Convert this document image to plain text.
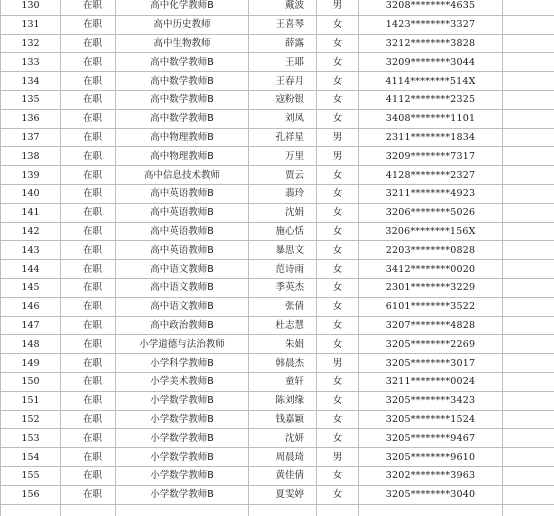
130	在职	高中化学教师B	戴波	男	3208********4635	
131	在职	高中历史教师	王喜琴	女	1423********3327	
132	在职	高中生物教师	薛露	女	3212********3828	
133	在职	高中数学教师B	王耶	女	3209********3044	
134	在职	高中数学教师B	王春月	女	4114********514X	
135	在职	高中数学教师B	寇粉银	女	4112********2325	
136	在职	高中数学教师B	刘凤	女	3408********1101	
137	在职	高中物理教师B	孔祥星	男	2311********1834	
138	在职	高中物理教师B	万里	男	3209********7317	
139	在职	高中信息技术教师	贾云	女	4128********2327	
140	在职	高中英语教师B	翡玲	女	3211********4923	
141	在职	高中英语教师B	沈娟	女	3206********5026	
142	在职	高中英语教师B	施心恬	女	3206********156X	
143	在职	高中英语教师B	暴思文	女	2203********0828	
144	在职	高中语文教师B	范诗雨	女	3412********0020	
145	在职	高中语文教师B	季英杰	女	2301********3229	
146	在职	高中语文教师B	张倩	女	6101********3522	
147	在职	高中政治教师B	杜志慧	女	3207********4828	
148	在职	小学道德与法治教师	朱娟	女	3205********2269	
149	在职	小学科学教师B	韩晨杰	男	3205********3017	
150	在职	小学美术教师B	童轩	女	3211********0024	
151	在职	小学数学教师B	陈刘缘	女	3205********3423	
152	在职	小学数学教师B	钱嘉颖	女	3205********1524	
153	在职	小学数学教师B	沈妍	女	3205********9467	
154	在职	小学数学教师B	周晨琦	男	3205********9610	
155	在职	小学数学教师B	黄佳倩	女	3202********3963	
156	在职	小学数学教师B	夏雯婷	女	3205********3040	
